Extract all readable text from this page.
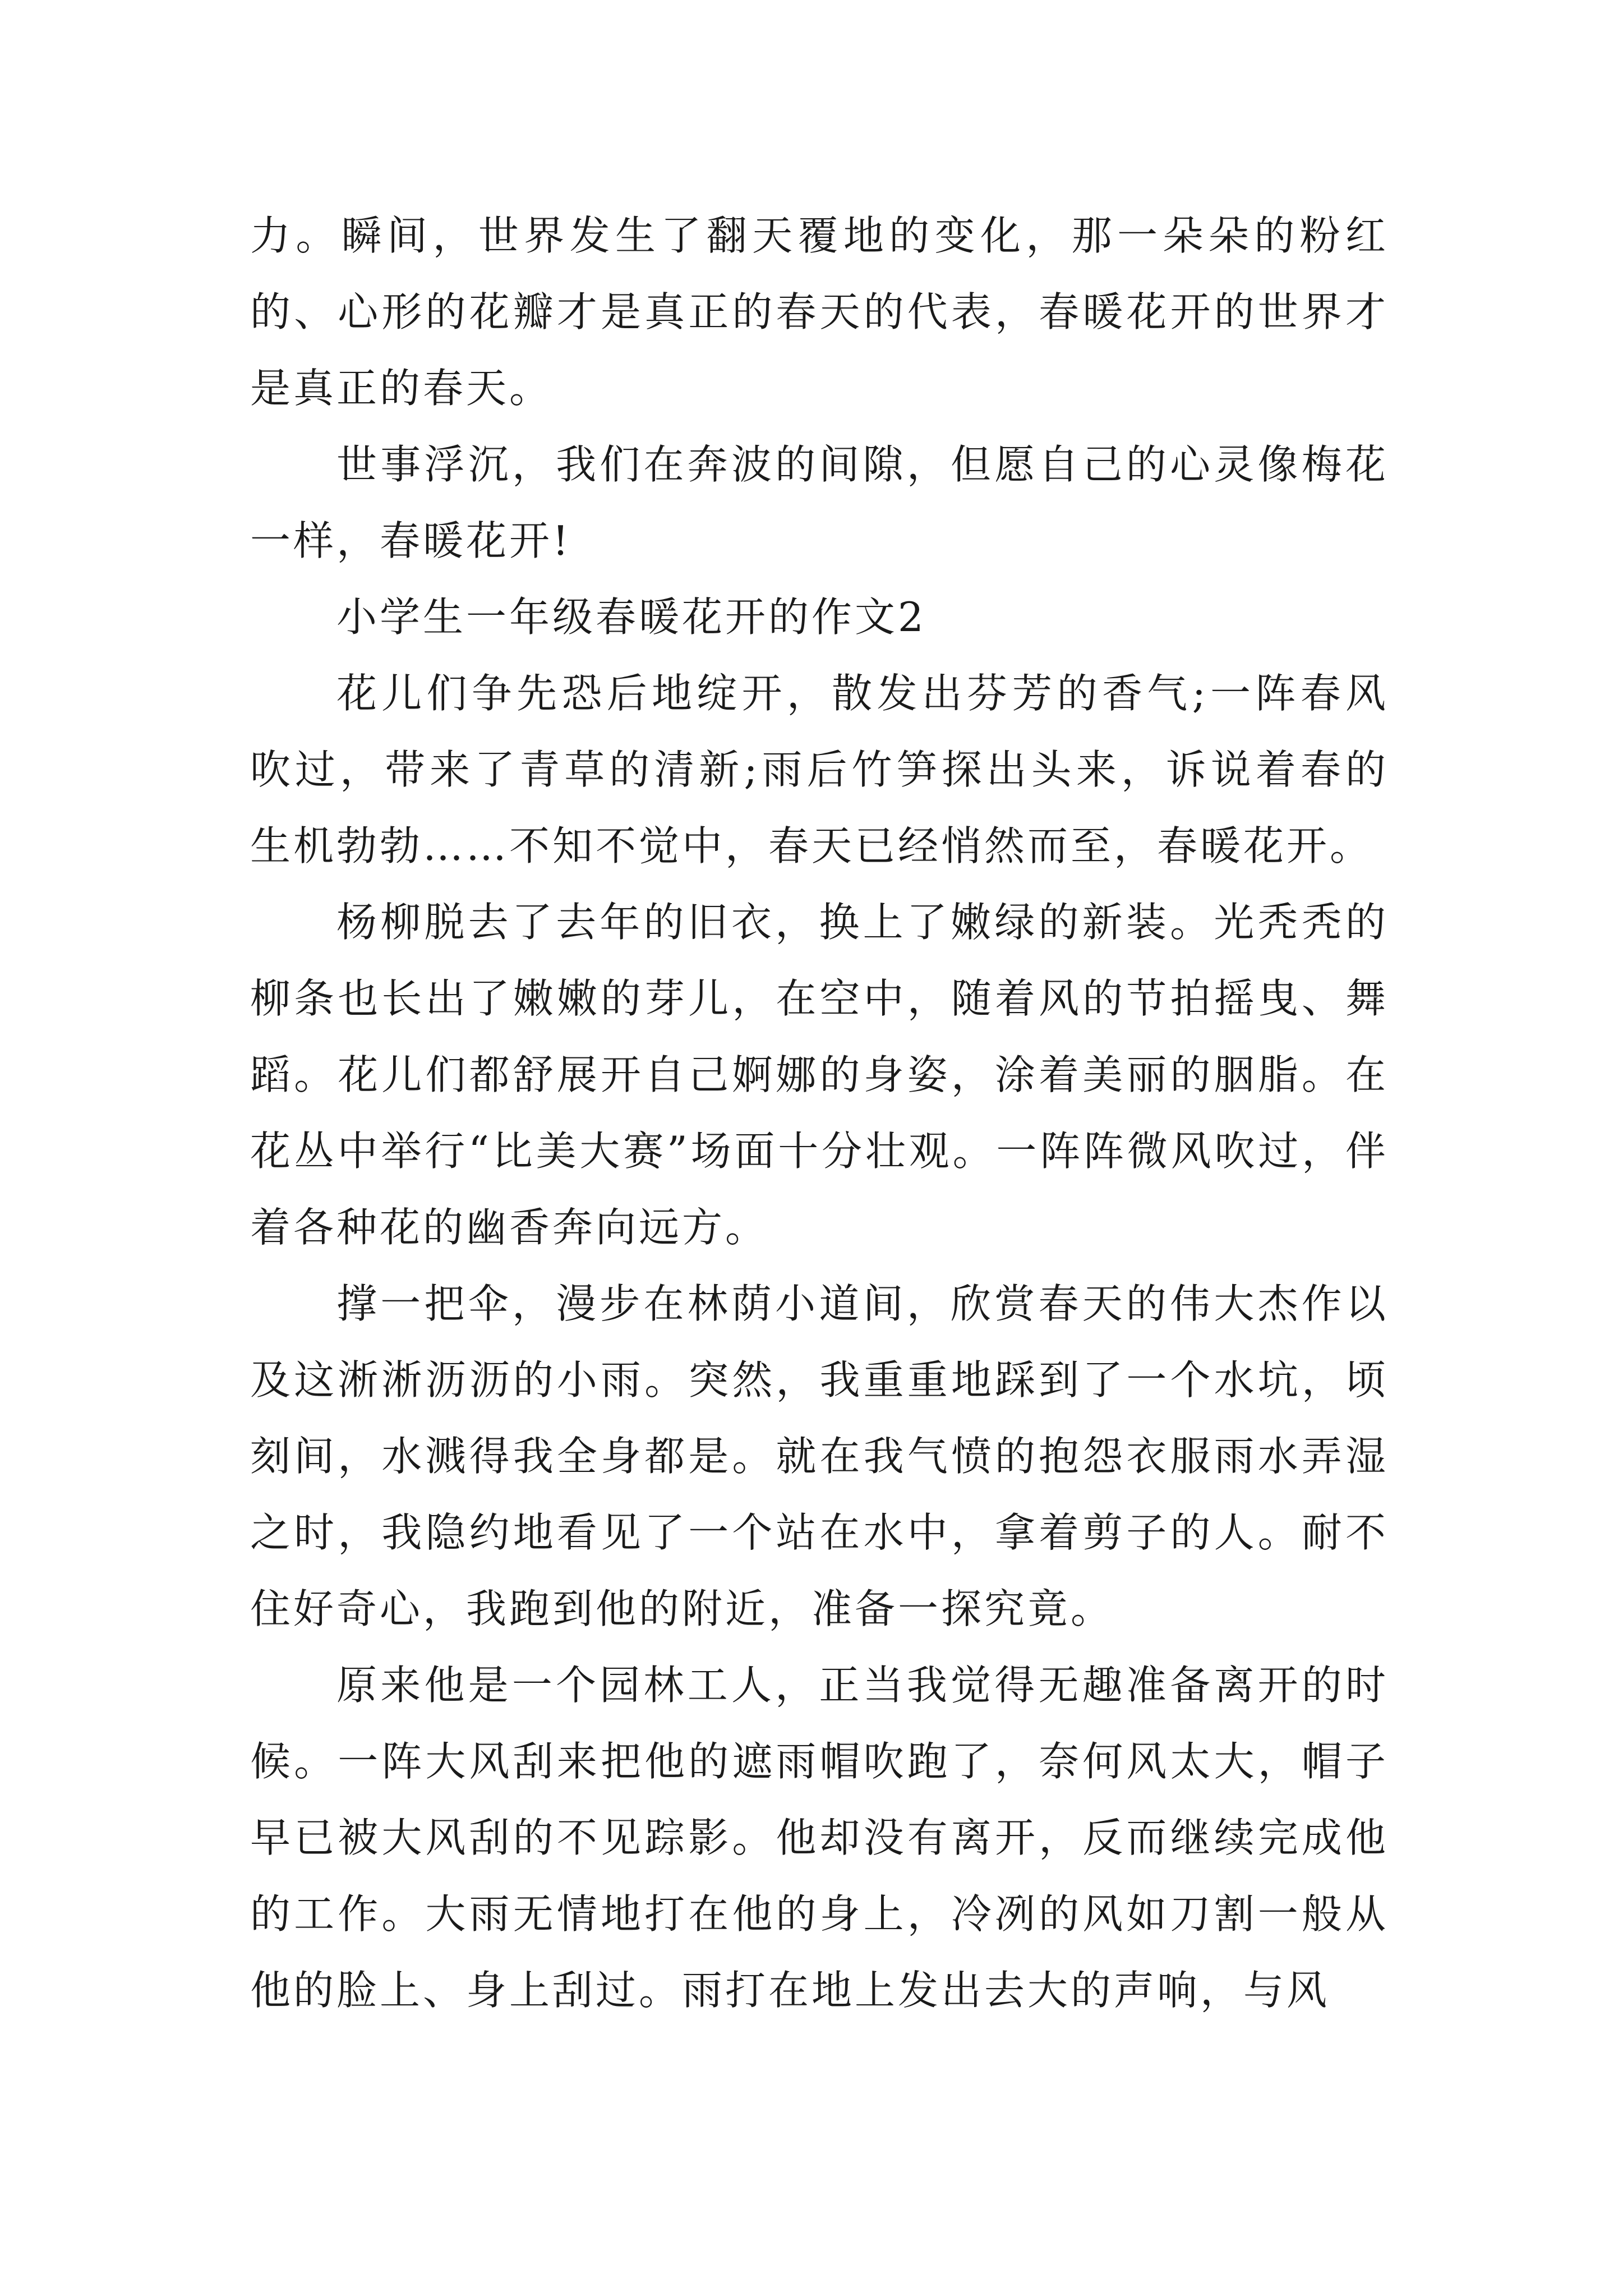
力。瞬间，世界发生了翻天覆地的变化，那一朵朵的粉红的、心形的花瓣才是真正的春天的代表，春暖花开的世界才是真正的春天。

世事浮沉，我们在奔波的间隙，但愿自己的心灵像梅花一样，春暖花开!

小学生一年级春暖花开的作文2

花儿们争先恐后地绽开，散发出芬芳的香气;一阵春风吹过，带来了青草的清新;雨后竹笋探出头来，诉说着春的生机勃勃……不知不觉中，春天已经悄然而至，春暖花开。

杨柳脱去了去年的旧衣，换上了嫩绿的新装。光秃秃的柳条也长出了嫩嫩的芽儿，在空中，随着风的节拍摇曳、舞蹈。花儿们都舒展开自己婀娜的身姿，涂着美丽的胭脂。在花丛中举行“比美大赛”场面十分壮观。一阵阵微风吹过，伴着各种花的幽香奔向远方。

撑一把伞，漫步在林荫小道间，欣赏春天的伟大杰作以及这淅淅沥沥的小雨。突然，我重重地踩到了一个水坑，顷刻间，水溅得我全身都是。就在我气愤的抱怨衣服雨水弄湿之时，我隐约地看见了一个站在水中，拿着剪子的人。耐不住好奇心，我跑到他的附近，准备一探究竟。

原来他是一个园林工人，正当我觉得无趣准备离开的时候。一阵大风刮来把他的遮雨帽吹跑了，奈何风太大，帽子早已被大风刮的不见踪影。他却没有离开，反而继续完成他的工作。大雨无情地打在他的身上，冷冽的风如刀割一般从他的脸上、身上刮过。雨打在地上发出去大的声响，与风
